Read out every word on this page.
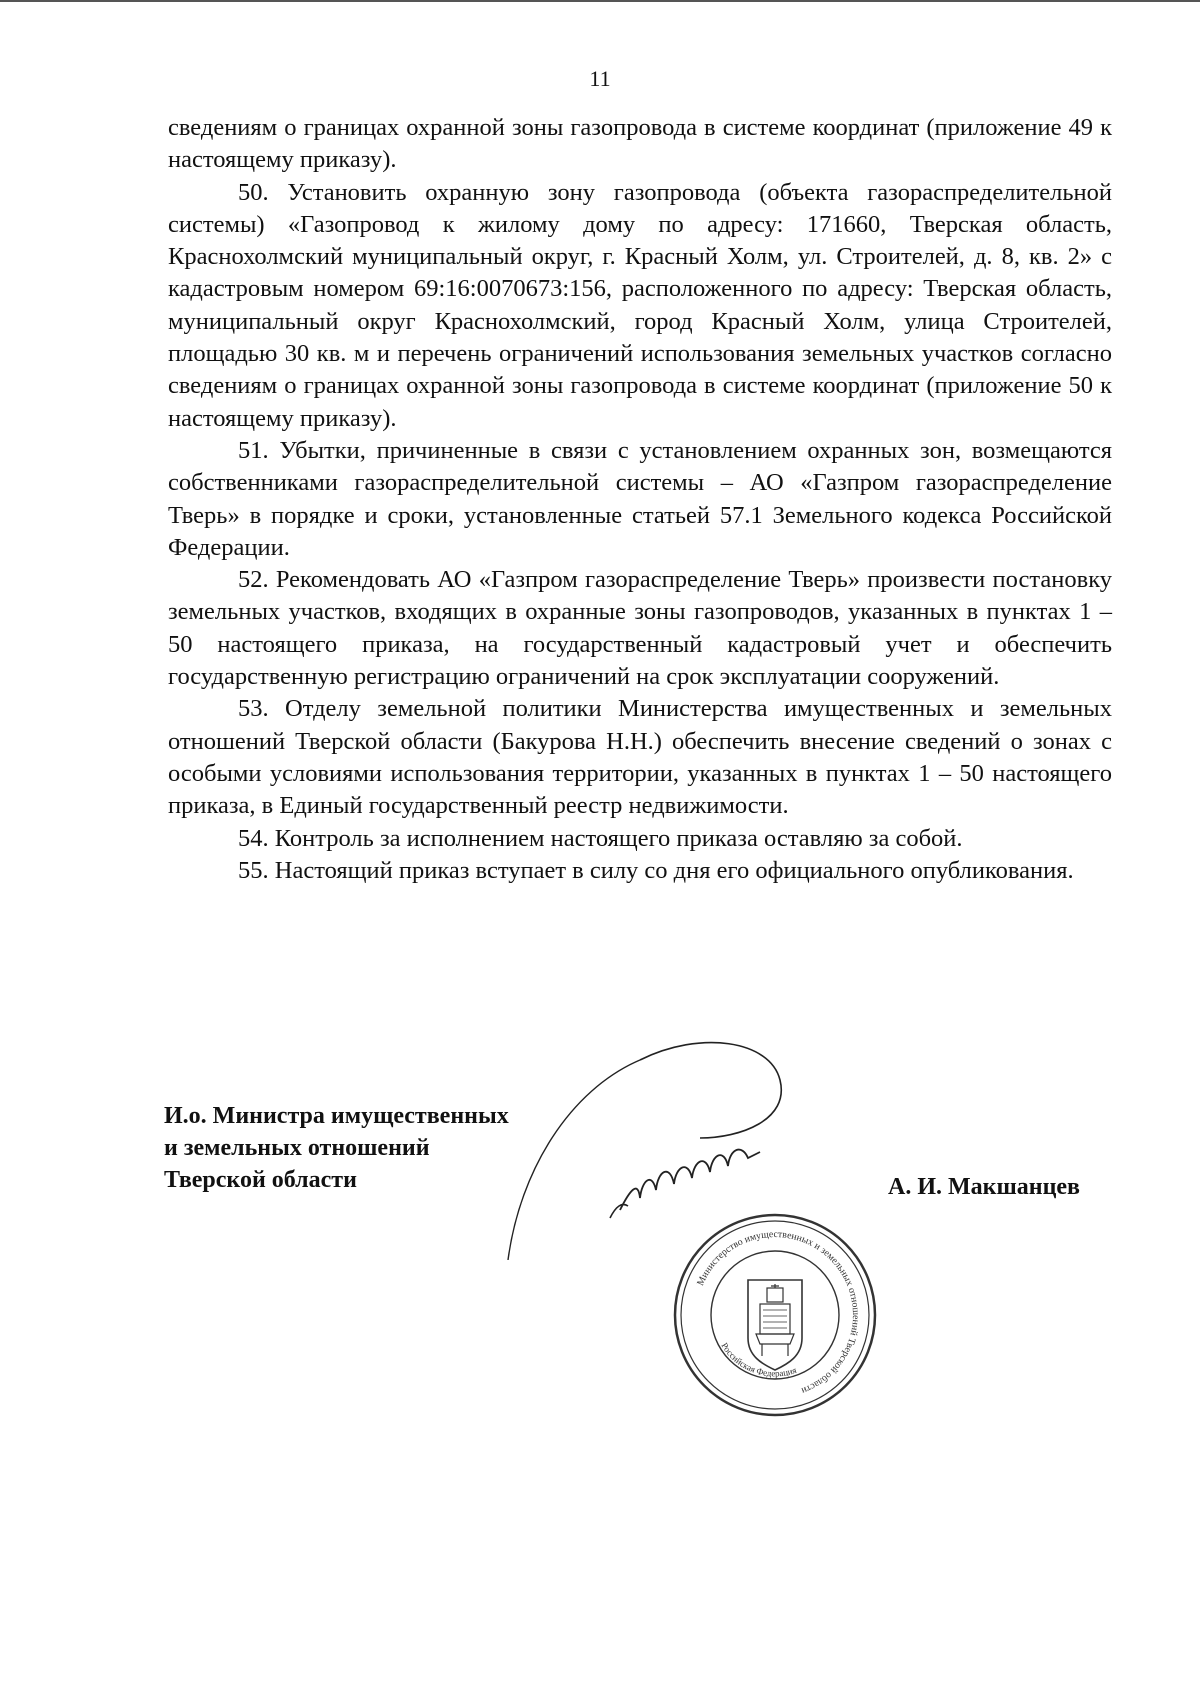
11

сведениям о границах охранной зоны газопровода в системе координат (приложение 49 к настоящему приказу).

50. Установить охранную зону газопровода (объекта газораспределительной системы) «Газопровод к жилому дому по адресу: 171660, Тверская область, Краснохолмский муниципальный округ, г. Красный Холм, ул. Строителей, д. 8, кв. 2» с кадастровым номером 69:16:0070673:156, расположенного по адресу: Тверская область, муниципальный округ Краснохолмский, город Красный Холм, улица Строителей, площадью 30 кв. м и перечень ограничений использования земельных участков согласно сведениям о границах охранной зоны газопровода в системе координат (приложение 50 к настоящему приказу).

51. Убытки, причиненные в связи с установлением охранных зон, возмещаются собственниками газораспределительной системы – АО «Газпром газораспределение Тверь» в порядке и сроки, установленные статьей 57.1 Земельного кодекса Российской Федерации.

52. Рекомендовать АО «Газпром газораспределение Тверь» произвести постановку земельных участков, входящих в охранные зоны газопроводов, указанных в пунктах 1 – 50 настоящего приказа, на государственный кадастровый учет и обеспечить государственную регистрацию ограничений на срок эксплуатации сооружений.

53. Отделу земельной политики Министерства имущественных и земельных отношений Тверской области (Бакурова Н.Н.) обеспечить внесение сведений о зонах с особыми условиями использования территории, указанных в пунктах 1 – 50 настоящего приказа, в Единый государственный реестр недвижимости.

54. Контроль за исполнением настоящего приказа оставляю за собой.

55. Настоящий приказ вступает в силу со дня его официального опубликования.

И.о. Министра имущественных
и земельных отношений
Тверской области	А. И. Макшанцев
Министерство имущественных и земельных отношений Тверской области
Российская Федерация
